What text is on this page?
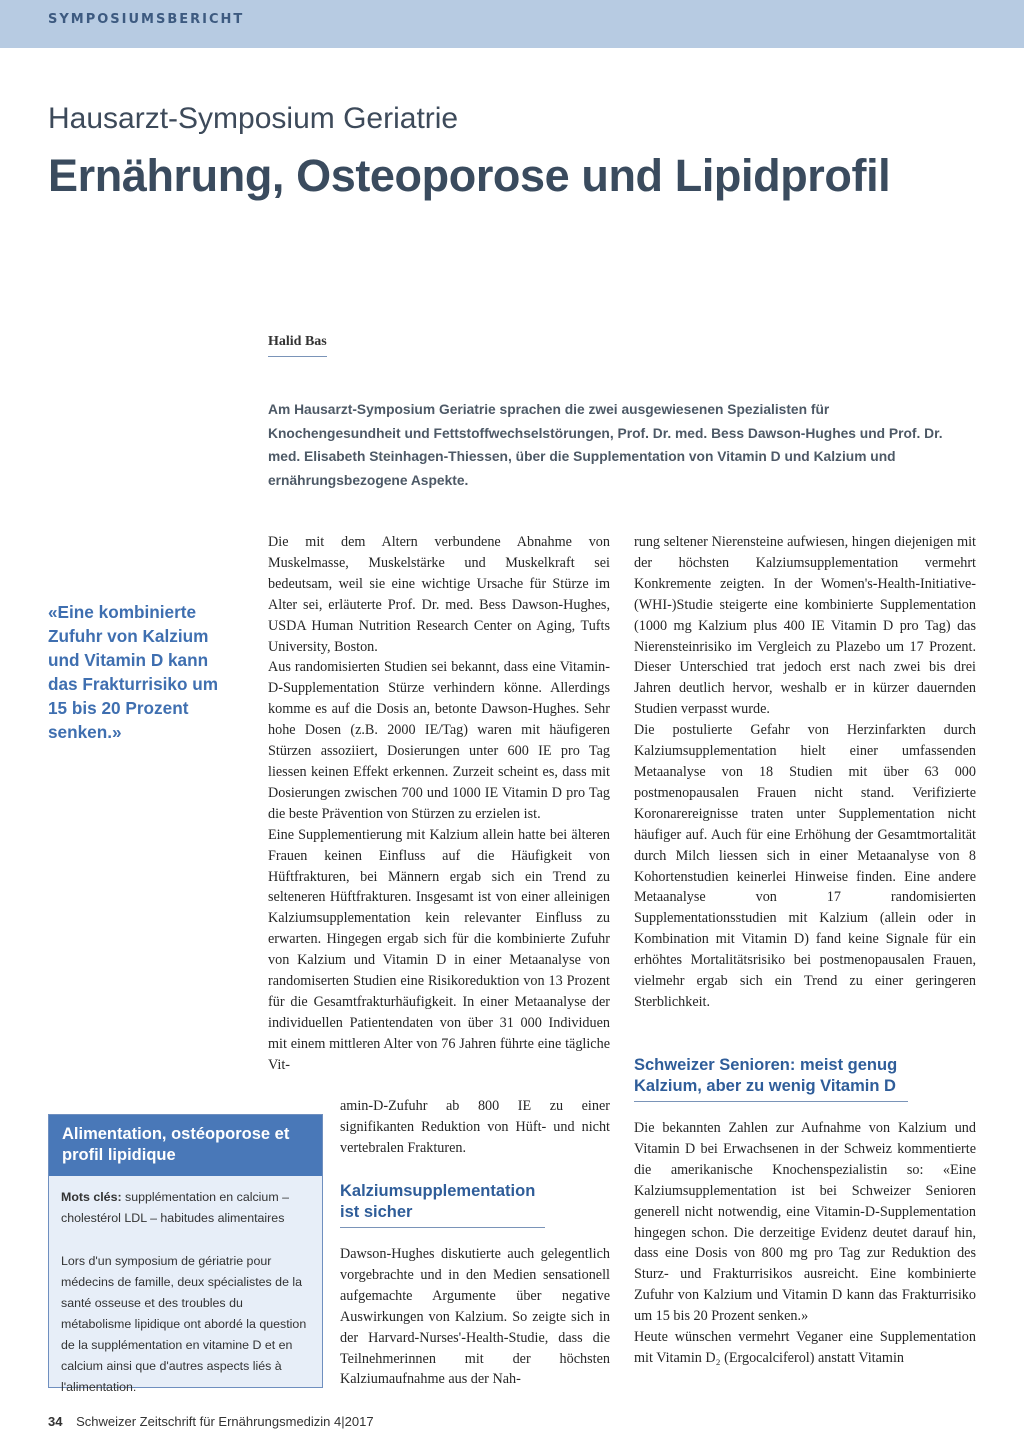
SYMPOSIUMSBERICHT
Hausarzt-Symposium Geriatrie
Ernährung, Osteoporose und Lipidprofil
Halid Bas
Am Hausarzt-Symposium Geriatrie sprachen die zwei ausgewiesenen Spezialisten für Knochengesundheit und Fettstoffwechselstörungen, Prof. Dr. med. Bess Dawson-Hughes und Prof. Dr. med. Elisabeth Steinhagen-Thiessen, über die Supplementation von Vitamin D und Kalzium und ernährungsbezogene Aspekte.
«Eine kombinierte Zufuhr von Kalzium und Vitamin D kann das Frakturrisiko um 15 bis 20 Prozent senken.»

Die mit dem Altern verbundene Abnahme von Muskelmasse, Muskelstärke und Muskelkraft sei bedeutsam, weil sie eine wichtige Ursache für Stürze im Alter sei, erläuterte Prof. Dr. med. Bess Dawson-Hughes, USDA Human Nutrition Research Center on Aging, Tufts University, Boston.

Aus randomisierten Studien sei bekannt, dass eine Vitamin-D-Supplementation Stürze verhindern könne. Allerdings komme es auf die Dosis an, betonte Dawson-Hughes. Sehr hohe Dosen (z.B. 2000 IE/Tag) waren mit häufigeren Stürzen assoziiert, Dosierungen unter 600 IE pro Tag liessen keinen Effekt erkennen. Zurzeit scheint es, dass mit Dosierungen zwischen 700 und 1000 IE Vitamin D pro Tag die beste Prävention von Stürzen zu erzielen ist.

Eine Supplementierung mit Kalzium allein hatte bei älteren Frauen keinen Einfluss auf die Häufigkeit von Hüftfrakturen, bei Männern ergab sich ein Trend zu selteneren Hüftfrakturen. Insgesamt ist von einer alleinigen Kalziumsupplementation kein relevanter Einfluss zu erwarten. Hingegen ergab sich für die kombinierte Zufuhr von Kalzium und Vitamin D in einer Metaanalyse von randomiserten Studien eine Risikoreduktion von 13 Prozent für die Gesamtfrakturhäufigkeit. In einer Metaanalyse der individuellen Patientendaten von über 31 000 Individuen mit einem mittleren Alter von 76 Jahren führte eine tägliche Vit-

amin-D-Zufuhr ab 800 IE zu einer signifikanten Reduktion von Hüft- und nicht vertebralen Frakturen.

Kalziumsupplementation ist sicher

Dawson-Hughes diskutierte auch gelegentlich vorgebrachte und in den Medien sensationell aufgemachte Argumente über negative Auswirkungen von Kalzium. So zeigte sich in der Harvard-Nurses'-Health-Studie, dass die Teilnehmerinnen mit der höchsten Kalziumaufnahme aus der Nah-

rung seltener Nierensteine aufwiesen, hingen diejenigen mit der höchsten Kalziumsupplementation vermehrt Konkremente zeigten. In der Women's-Health-Initiative-(WHI-)Studie steigerte eine kombinierte Supplementation (1000 mg Kalzium plus 400 IE Vitamin D pro Tag) das Nierensteinrisiko im Vergleich zu Plazebo um 17 Prozent. Dieser Unterschied trat jedoch erst nach zwei bis drei Jahren deutlich hervor, weshalb er in kürzer dauernden Studien verpasst wurde.

Die postulierte Gefahr von Herzinfarkten durch Kalziumsupplementation hielt einer umfassenden Metaanalyse von 18 Studien mit über 63 000 postmenopausalen Frauen nicht stand. Verifizierte Koronarereignisse traten unter Supplementation nicht häufiger auf. Auch für eine Erhöhung der Gesamtmortalität durch Milch liessen sich in einer Metaanalyse von 8 Kohortenstudien keinerlei Hinweise finden. Eine andere Metaanalyse von 17 randomisierten Supplementationsstudien mit Kalzium (allein oder in Kombination mit Vitamin D) fand keine Signale für ein erhöhtes Mortalitätsrisiko bei postmenopausalen Frauen, vielmehr ergab sich ein Trend zu einer geringeren Sterblichkeit.

Schweizer Senioren: meist genug Kalzium, aber zu wenig Vitamin D

Die bekannten Zahlen zur Aufnahme von Kalzium und Vitamin D bei Erwachsenen in der Schweiz kommentierte die amerikanische Knochenspezialistin so: «Eine Kalziumsupplementation ist bei Schweizer Senioren generell nicht notwendig, eine Vitamin-D-Supplementation hingegen schon. Die derzeitige Evidenz deutet darauf hin, dass eine Dosis von 800 mg pro Tag zur Reduktion des Sturz- und Frakturrisikos ausreicht. Eine kombinierte Zufuhr von Kalzium und Vitamin D kann das Frakturrisiko um 15 bis 20 Prozent senken.»

Heute wünschen vermehrt Veganer eine Supplementation mit Vitamin D₂ (Ergocalciferol) anstatt Vitamin

Alimentation, ostéoporose et profil lipidique
Mots clés: supplémentation en calcium – cholestérol LDL – habitudes alimentaires
Lors d'un symposium de gériatrie pour médecins de famille, deux spécialistes de la santé osseuse et des troubles du métabolisme lipidique ont abordé la question de la supplémentation en vitamine D et en calcium ainsi que d'autres aspects liés à l'alimentation.
34 Schweizer Zeitschrift für Ernährungsmedizin 4|2017
